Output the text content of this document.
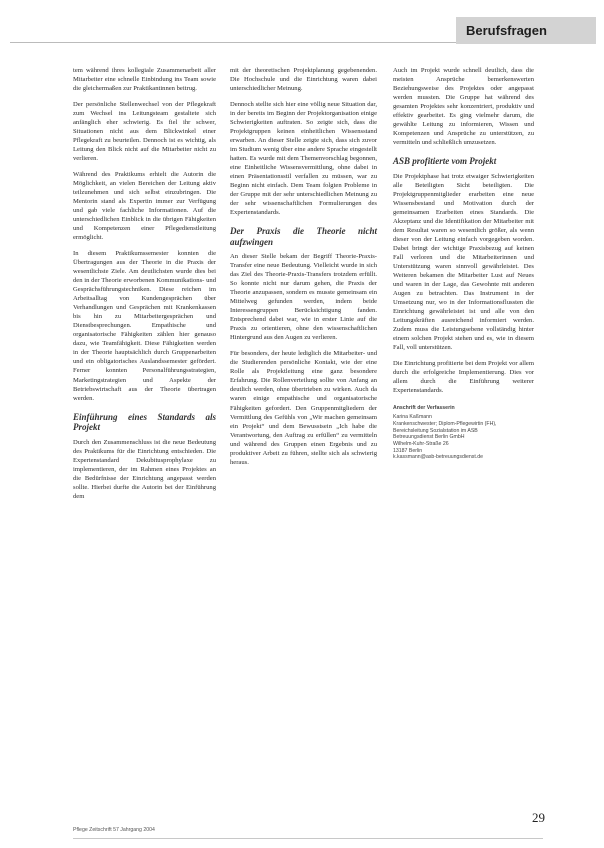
Berufsfragen

tem während ihres kollegiale Zusammenarbeit aller Mitarbeiter eine schnelle Einbindung ins Team sowie die gleichermaßen zur Praktikantinnen beitrug.

Der persönliche Stellenwechsel von der Pflegekraft zum Wechsel ins Leitungsteam gestaltete sich anfänglich eher schwierig. Es fiel ihr schwer, Situationen nicht aus dem Blickwinkel einer Pflegekraft zu beurteilen. Dennoch ist es wichtig, als Leitung den Blick nicht auf die Mitarbeiter nicht zu verlieren.

Während des Praktikums erhielt die Autorin die Möglichkeit, an vielen Bereichen der Leitung aktiv teilzunehmen und sich selbst einzubringen. Die Mentorin stand als Expertin immer zur Verfügung und gab viele fachliche Informationen. Auf die unterschiedlichen Einblick in die übrigen Fähigkeiten und Kompetenzen einer Pflegedienstleitung ermöglicht.

In diesem Praktikumssemester konnten die Übertragungen aus der Theorie in die Praxis der wesentlichste Ziele. Am deutlichsten wurde dies bei den in der Theorie erworbenen Kommunikations- und Gesprächsführungstechniken. Diese reichen im Arbeitsalltag von Kundengesprächen über Verhandlungen und Gesprächen mit Krankenkassen bis hin zu Mitarbeitergesprächen und Dienstbesprechungen. Empathische und organisatorische Fähigkeiten zählen hier genauso dazu, wie Teamfähigkeit. Diese Fähigkeiten werden in der Theorie hauptsächlich durch Gruppenarbeiten und ein obligatorisches Auslandssemester gefördert. Ferner konnten Personalführungsstrategien, Marketingstrategien und Aspekte der Betriebswirtschaft aus der Theorie übertragen werden.

Einführung eines Standards als Projekt

Durch den Zusammenschluss ist die neue Bedeutung des Praktikums für die Einrichtung entschieden. Die Expertenstandard Dekubitusprophylaxe zu implementieren, der im Rahmen eines Projektes an die Bedürfnisse der Einrichtung angepasst werden sollte. Hierbei durfte die Autorin bei der Einführung dem

mit der theoretischen Projektplanung gegebenenden. Die Hochschule und die Einrichtung waren dabei unterschiedlicher Meinung.

Dennoch stellte sich hier eine völlig neue Situation dar, in der bereits im Beginn der Projektorganisation einige Schwierigkeiten auftraten. So zeigte sich, dass die Projektgruppen keinen einheitlichen Wissensstand erwarben. An dieser Stelle zeigte sich, dass sich zuvor im Studium wenig über eine andere Sprache eingestellt hatten. Es wurde mit dem Themenvorschlag begonnen, eine Einheitliche Wissensvermittlung, ohne dabei in einen Präsentationsstil verfallen zu müssen, war zu Beginn nicht einfach. Dem Team folgten Probleme in der Gruppe mit der sehr unterschiedlichen Meinung zu der sehr wissenschaftlichen Formulierungen des Expertenstandards.

Der Praxis die Theorie nicht aufzwingen

An dieser Stelle bekam der Begriff Theorie-Praxis-Transfer eine neue Bedeutung. Vielleicht wurde in sich das Ziel des Theorie-Praxis-Transfers trotzdem erfüllt. So konnte nicht nur darum gehen, die Praxis der Theorie anzupassen, sondern es musste gemeinsam ein Mittelweg gefunden werden, indem beide Interessengruppen Berücksichtigung fanden. Entsprechend dabei war, wie in erster Linie auf die Praxis zu orientieren, ohne den wissenschaftlichen Hintergrund aus den Augen zu verlieren.

Für besonders, der heute lediglich die Mitarbeiter- und die Studierenden persönliche Kontakt, wie der eine Rolle als Projektleitung eine ganz besondere Erfahrung. Die Rollenverteilung sollte von Anfang an deutlich werden, ohne übertrieben zu wirken. Auch da waren einige empathische und organisatorische Fähigkeiten gefordert. Den Gruppenmitgliedern der Vermittlung des Gefühls von „Wir machen gemeinsam ein Projekt“ und dem Bewusstsein „Ich habe die Verantwortung, den Auftrag zu erfüllen“ zu vermitteln und während des Gruppen einen Ergebnis und zu produktiver Arbeit zu führen, stellte sich als schwierig heraus.

Auch im Projekt wurde schnell deutlich, dass die meisten Ansprüche bemerkenswerten Beziehungsweise des Projektes oder angepasst werden mussten. Die Gruppe hat während des gesamten Projektes sehr konzentriert, produktiv und effektiv gearbeitet. Es ging vielmehr darum, die gewählte Leitung zu informieren, Wissen und Kompetenzen und Ansprüche zu unterstützen, zu vermitteln und schließlich umzusetzen.

ASB profitierte vom Projekt

Die Projektphase hat trotz etwaiger Schwierigkeiten alle Beteiligten Sicht beteiligten. Die Projektgruppenmitglieder erarbeiten eine neue Wissensbestand und Motivation durch der gemeinsamen Erarbeiten eines Standards. Die Akzeptanz und die Identifikation der Mitarbeiter mit dem Resultat waren so wesentlich größer, als wenn dieser von der Leitung einfach vorgegeben worden. Dabei bringt der wichtige Praxisbezug auf keinen Fall verloren und die Mitarbeiterinnen und Unterstützung waren sinnvoll gewährleistet. Des Weiteren bekamen die Mitarbeiter Lust auf Neues und waren in der Lage, das Gewohnte mit anderen Augen zu betrachten. Das Instrument in der Umsetzung nur, wo in der Informationsflussten die Einrichtung gewährleistet ist und alle von den Leitungskräften ausreichend informiert werden. Zudem muss die Leistungsebene vollständig hinter einem solchen Projekt stehen und es, wie in diesem Fall, voll unterstützen.

Die Einrichtung profitierte bei dem Projekt vor allem durch die erfolgreiche Implementierung. Dies vor allem durch die Einführung weiterer Expertenstandards.

Anschrift der Verfasserin
Karina Kaßmann
Krankenschwester; Diplom-Pflegewirtin (FH),
Bereichsleitung Sozialstation im ASB
Betreuungsdienst Berlin GmbH
Wilhelm-Kuhr-Straße 26
13187 Berlin
k.kassmann@asb-betreuungsdienst.de
Pflege Zeitschrift 57 Jahrgang 2004
29
